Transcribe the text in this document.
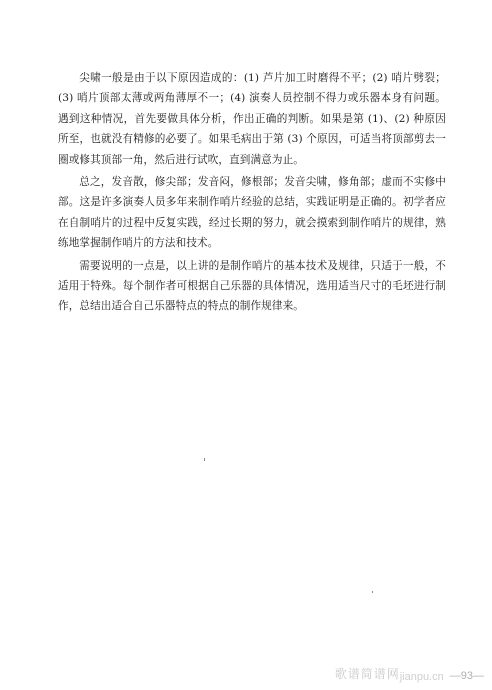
尖啸一般是由于以下原因造成的：(1) 芦片加工时磨得不平；(2) 哨片劈裂；(3) 哨片顶部太薄或两角薄厚不一；(4) 演奏人员控制不得力或乐器本身有问题。遇到这种情况，首先要做具体分析，作出正确的判断。如果是第 (1)、(2) 种原因所至，也就没有精修的必要了。如果毛病出于第 (3) 个原因，可适当将顶部剪去一圈或修其顶部一角，然后进行试吹，直到满意为止。

总之，发音散，修尖部；发音闷，修根部；发音尖啸，修角部；虚而不实修中部。这是许多演奏人员多年来制作哨片经验的总结，实践证明是正确的。初学者应在自制哨片的过程中反复实践，经过长期的努力，就会摸索到制作哨片的规律，熟练地掌握制作哨片的方法和技术。

需要说明的一点是，以上讲的是制作哨片的基本技术及规律，只适于一般，不适用于特殊。每个制作者可根据自己乐器的具体情况，选用适当尺寸的毛坯进行制作，总结出适合自己乐器特点的特点的制作规律来。

歌谱简谱网 jianpu.cn —93—
